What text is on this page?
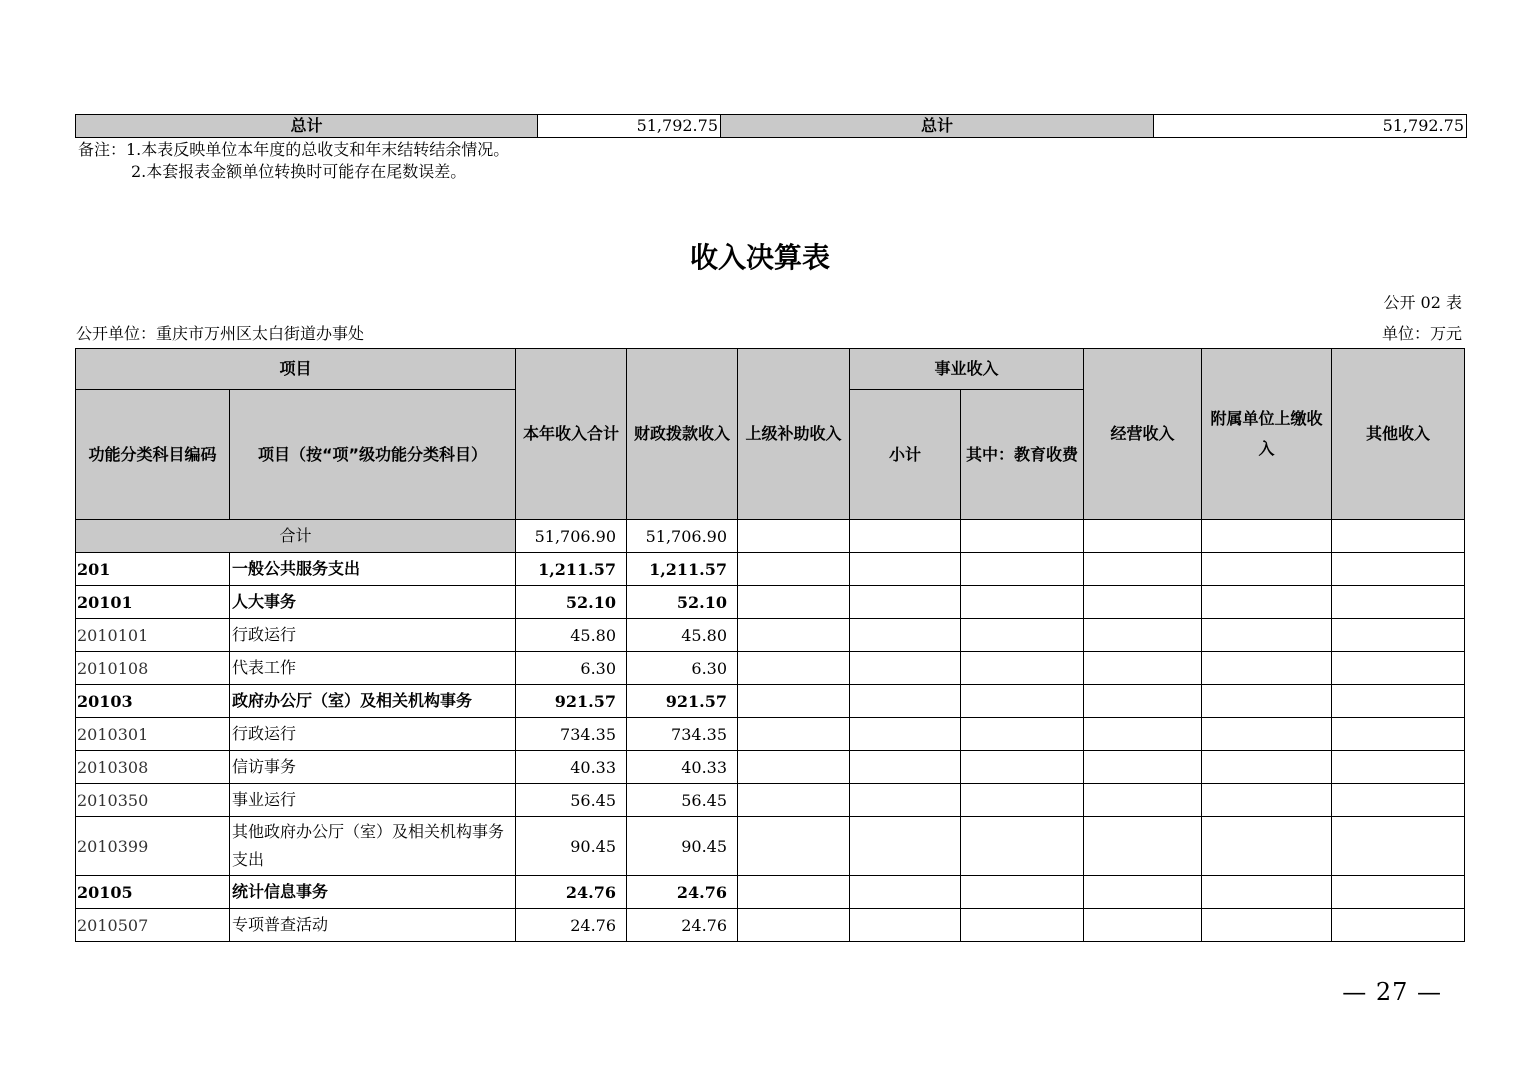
总计	51,792.75	总计	51,792.75
备注：1.本表反映单位本年度的总收支和年末结转结余情况。
2.本套报表金额单位转换时可能存在尾数误差。
收入决算表
公开 02 表
公开单位：重庆市万州区太白街道办事处	单位：万元
项目		本年收入合计	财政拨款收入	上级补助收入	事业收入		经营收入	附属单位上缴收入	其他收入
功能分类科目编码	项目（按“项”级功能分类科目）				小计	其中：教育收费			
合计		51,706.90	51,706.90						
201	一般公共服务支出	1,211.57	1,211.57						
20101	人大事务	52.10	52.10						
2010101	行政运行	45.80	45.80						
2010108	代表工作	6.30	6.30						
20103	政府办公厅（室）及相关机构事务	921.57	921.57						
2010301	行政运行	734.35	734.35						
2010308	信访事务	40.33	40.33						
2010350	事业运行	56.45	56.45						
2010399	其他政府办公厅（室）及相关机构事务支出	90.45	90.45						
20105	统计信息事务	24.76	24.76						
2010507	专项普查活动	24.76	24.76						
— 27 —
